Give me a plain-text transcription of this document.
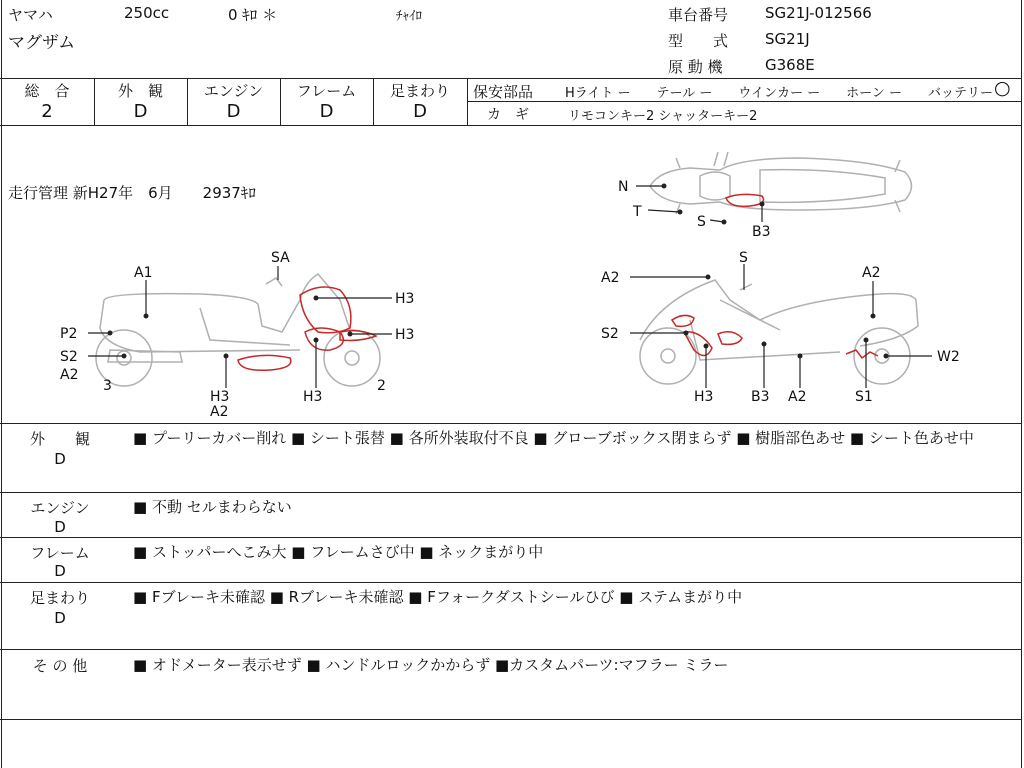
ヤマハ	250cc	0 ｷﾛ ＊	ﾁｬｲﾛ
マグザム
車台番号 SG21J-012566
型　　式 SG21J
原 動 機	G368E
総　合
2
外　観
D
エンジン
D
フレーム
D
足まわり
D
保安部品 Hライト ー　　テール ー　　ウインカー ー　　ホーン ー　　バッテリー ○
カ　ギ	リモコンキー2 シャッターキー2
走行管理 新H27年　6月　　2937ｷﾛ	N
T
S
B3
A1
SA
H3
H3
P2
S2
A2
3
H3
A2
H3
2
A2
S
A2
S2
W2
H3	B3 A2	S1
外　　観
D
■ プーリーカバー削れ ■ シート張替 ■ 各所外装取付不良 ■ グローブボックス閉まらず ■ 樹脂部色あせ ■ シート色あせ中
エンジン
D
■ 不動 セルまわらない
フレーム
D
■ ストッパーへこみ大 ■ フレームさび中 ■ ネックまがり中
足まわり
D
■ Fブレーキ未確認 ■ Rブレーキ未確認 ■ Fフォークダストシールひび ■ ステムまがり中
そ の 他	■ オドメーター表示せず ■ ハンドルロックかからず ■カスタムパーツ:マフラー ミラー
